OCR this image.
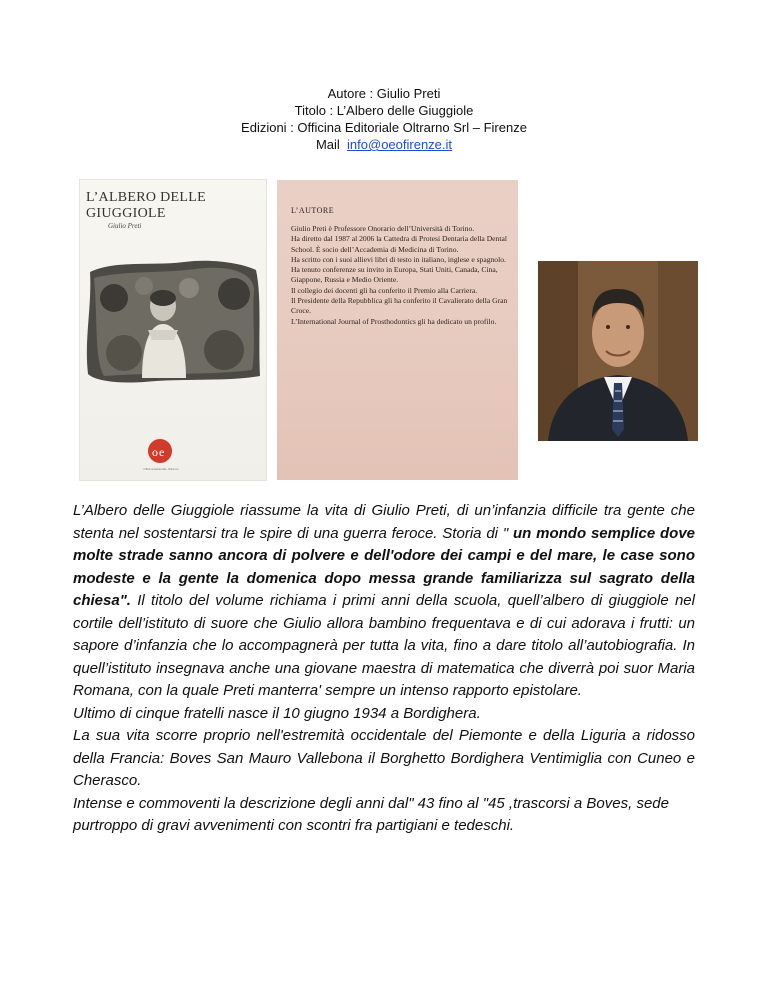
Autore : Giulio Preti
Titolo : L’Albero delle Giuggiole
Edizioni : Officina Editoriale Oltrarno Srl – Firenze
Mail info@oeofirenze.it
L’ALBERO DELLE GIUGGIOLE
Giulio Preti
o e
Officina Editoriale Oltrarno
L’AUTORE

Giulio Preti è Professore Onorario dell’Università di Torino.

Ha diretto dal 1987 al 2006 la Cattedra di Protesi Dentaria della Dental School. È socio dell’Accademia di Medicina di Torino.

Ha scritto con i suoi allievi libri di testo in italiano, inglese e spagnolo.

Ha tenuto conferenze su invito in Europa, Stati Uniti, Canada, Cina, Giappone, Russia e Medio Oriente.

Il collegio dei docenti gli ha conferito il Premio alla Carriera.

Il Presidente della Repubblica gli ha conferito il Cavalierato della Gran Croce.

L’International Journal of Prosthodontics gli ha dedicato un profilo.

L’Albero delle Giuggiole riassume la vita di Giulio Preti, di un’infanzia difficile tra gente che stenta nel sostentarsi tra le spire di una guerra feroce. Storia di " un mondo semplice dove molte strade sanno ancora di polvere e dell'odore dei campi e del mare, le case sono modeste e la gente la domenica dopo messa grande familiarizza sul sagrato della chiesa". Il titolo del volume richiama i primi anni della scuola, quell’albero di giuggiole nel cortile dell’istituto di suore che Giulio allora bambino frequentava e di cui adorava i frutti: un sapore d’infanzia che lo accompagnerà per tutta la vita, fino a dare titolo all’autobiografia. In quell’istituto insegnava anche una giovane maestra di matematica che diverrà poi suor Maria Romana, con la quale Preti manterra' sempre un intenso rapporto epistolare.

Ultimo di cinque fratelli nasce il 10 giugno 1934 a Bordighera.

La sua vita scorre proprio nell'estremità occidentale del Piemonte e della Liguria a ridosso della Francia: Boves San Mauro Vallebona il Borghetto Bordighera Ventimiglia con Cuneo e Cherasco.

Intense e commoventi la descrizione degli anni dal" 43 fino al "45 ,trascorsi a Boves, sede purtroppo di gravi avvenimenti con scontri fra partigiani e tedeschi.
